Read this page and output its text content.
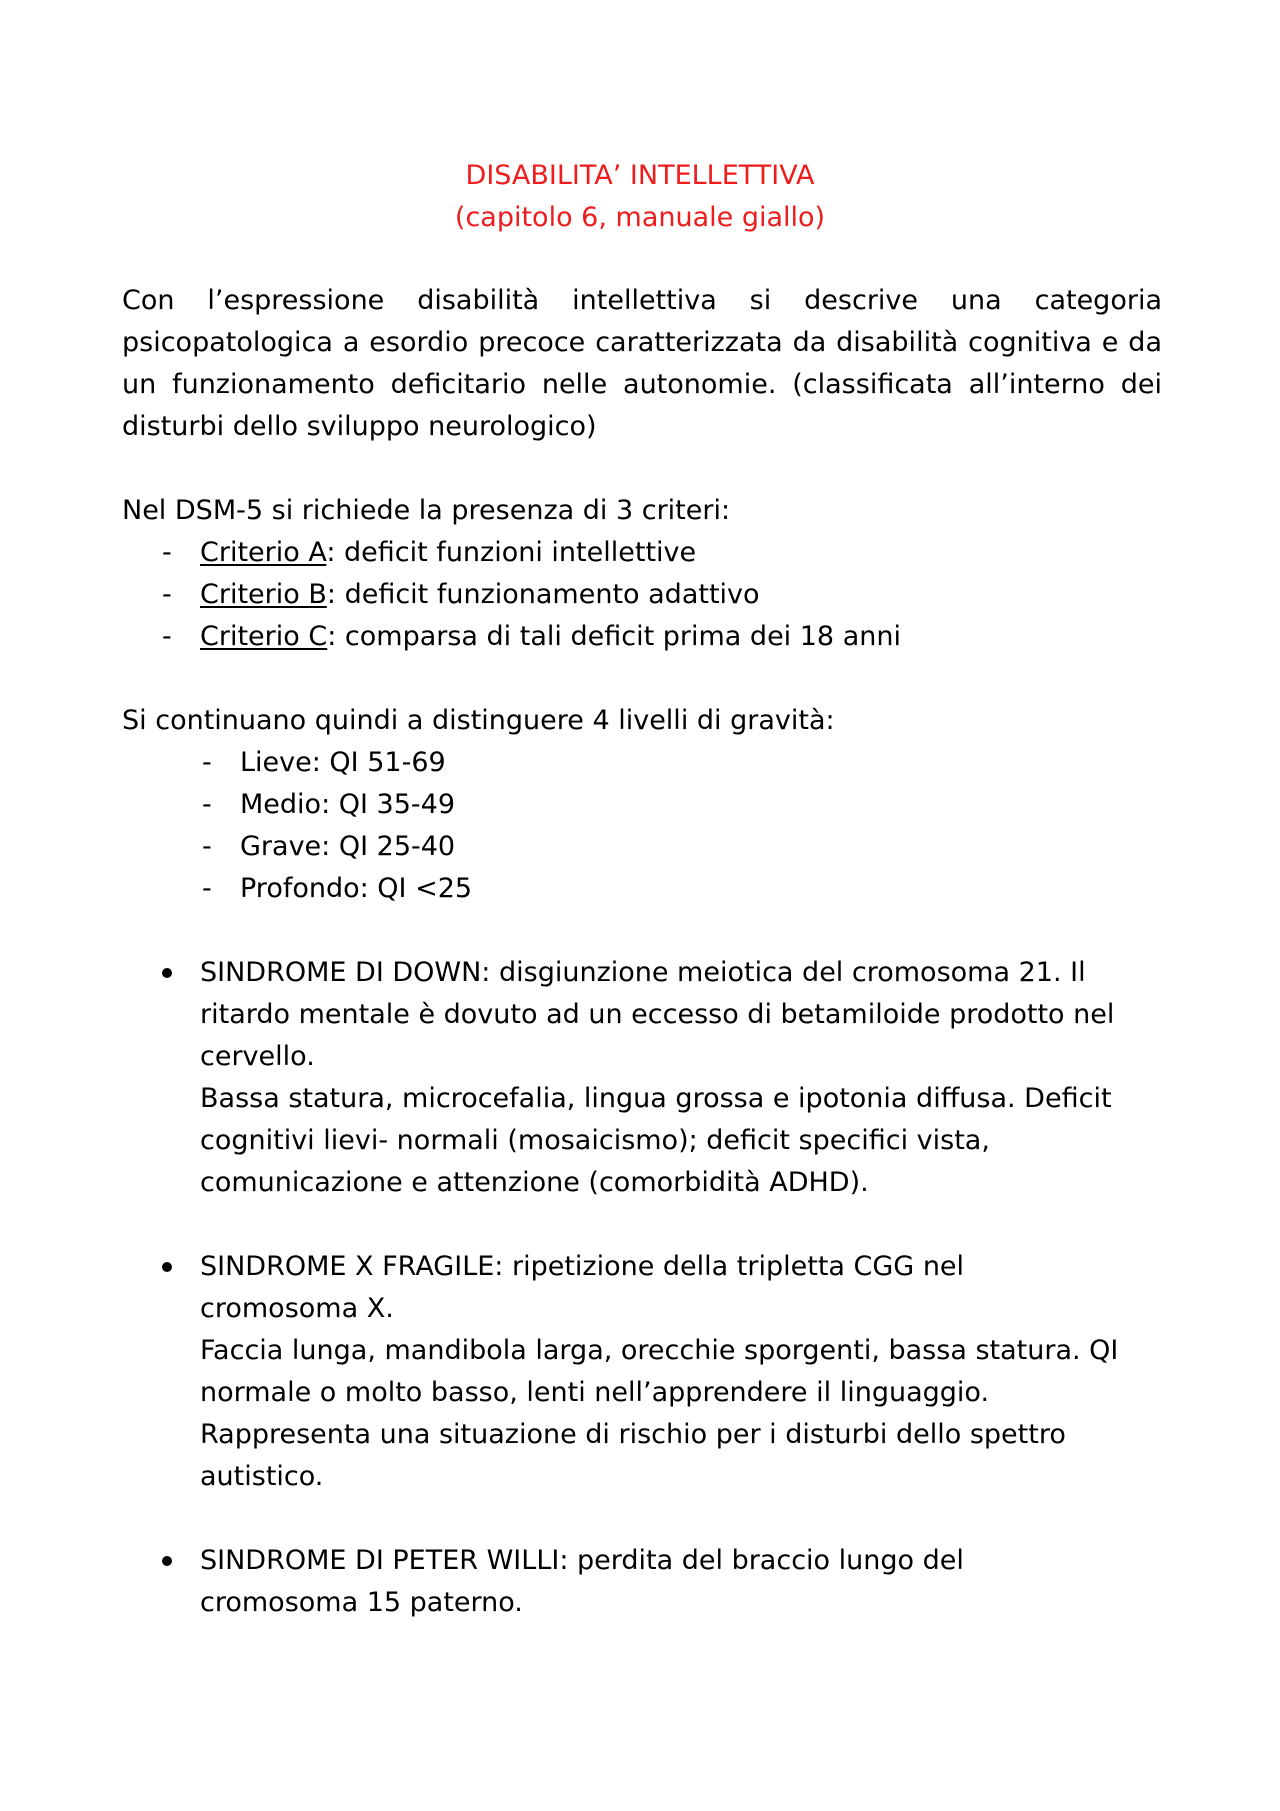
DISABILITA’ INTELLETTIVA
(capitolo 6, manuale giallo)

Con l’espressione disabilità intellettiva si descrive una categoria psicopatologica a esordio precoce caratterizzata da disabilità cognitiva e da un funzionamento deficitario nelle autonomie. (classificata all’interno dei disturbi dello sviluppo neurologico)

Nel DSM-5 si richiede la presenza di 3 criteri:

- Criterio A: deficit funzioni intellettive
- Criterio B: deficit funzionamento adattivo
- Criterio C: comparsa di tali deficit prima dei 18 anni

Si continuano quindi a distinguere 4 livelli di gravità:

- Lieve: QI 51-69
- Medio: QI 35-49
- Grave: QI 25-40
- Profondo: QI <25
SINDROME DI DOWN: disgiunzione meiotica del cromosoma 21. Il
ritardo mentale è dovuto ad un eccesso di betamiloide prodotto nel
cervello.
Bassa statura, microcefalia, lingua grossa e ipotonia diffusa. Deficit
cognitivi lievi- normali (mosaicismo); deficit specifici vista,
comunicazione e attenzione (comorbidità ADHD).
SINDROME X FRAGILE: ripetizione della tripletta CGG nel
cromosoma X.
Faccia lunga, mandibola larga, orecchie sporgenti, bassa statura. QI
normale o molto basso, lenti nell’apprendere il linguaggio.
Rappresenta una situazione di rischio per i disturbi dello spettro
autistico.
SINDROME DI PETER WILLI: perdita del braccio lungo del
cromosoma 15 paterno.
